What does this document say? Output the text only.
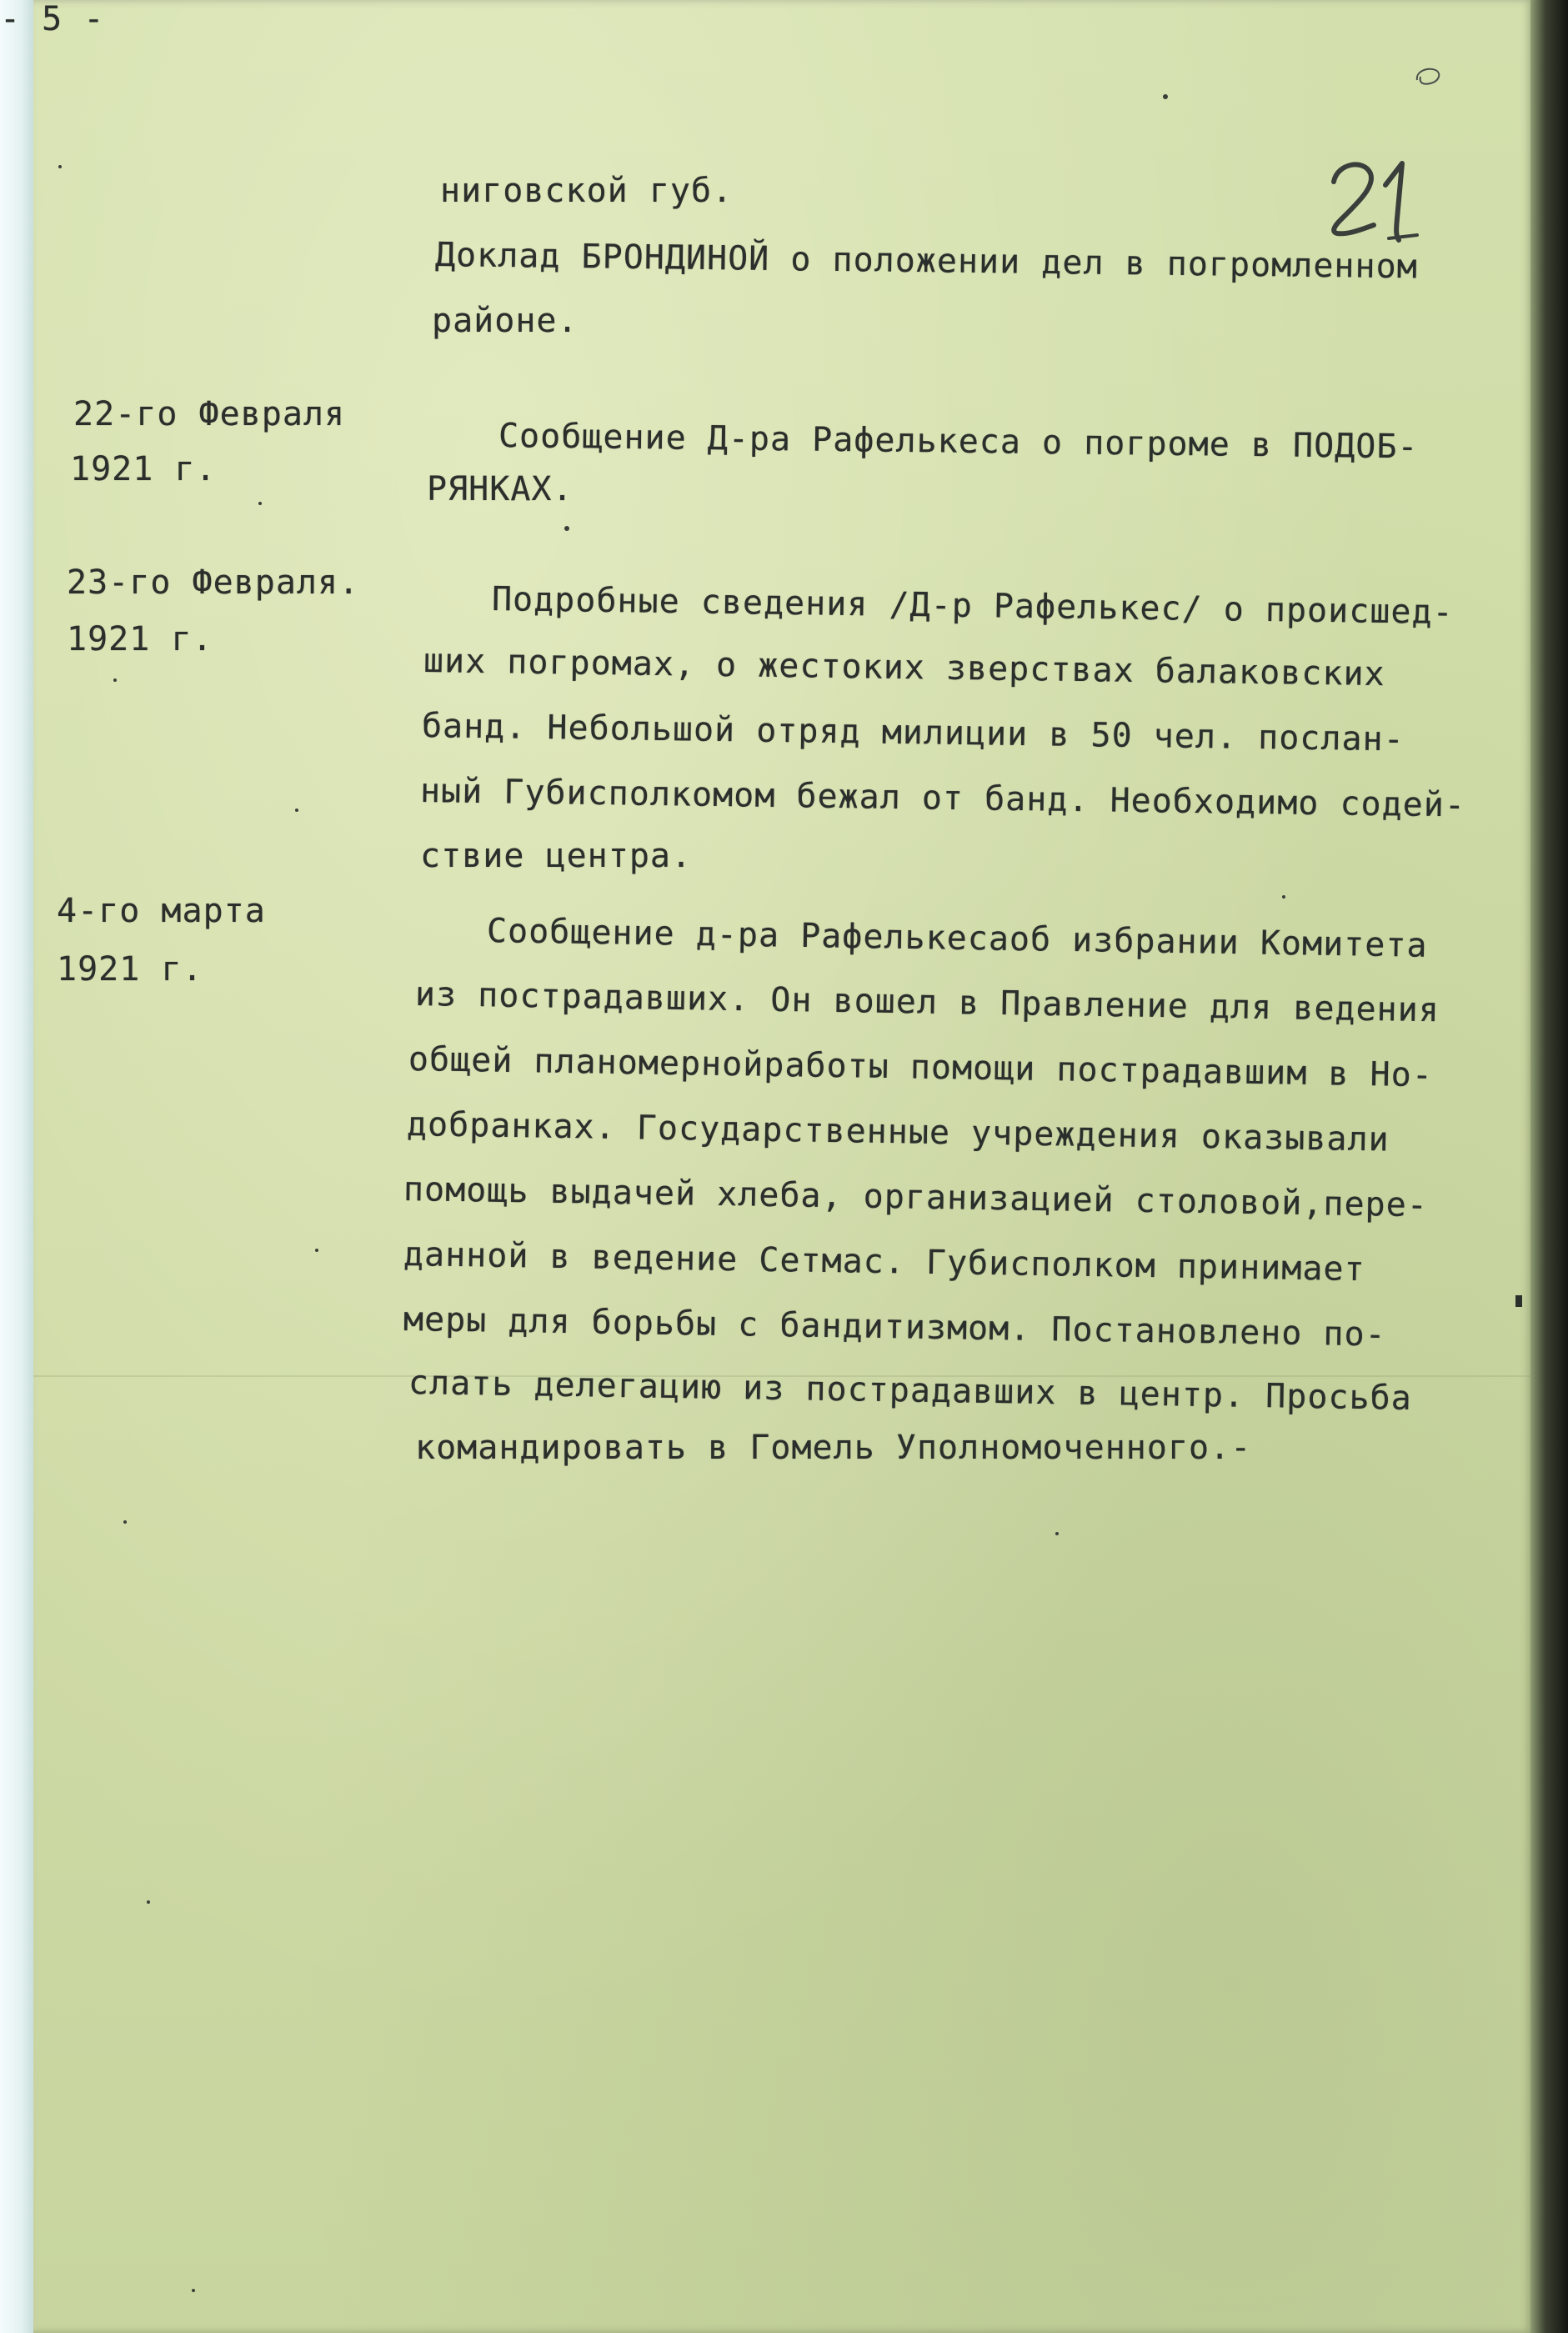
- 5 -
ниговской губ.
Доклад БРОНДИНОЙ о положении дел в погромленном
районе.
22-го Февраля
1921 г.
Сообщение Д-ра Рафелькеса о погроме в ПОДОБ-
РЯНКАХ.
23-го Февраля.
1921 г.
Подробные сведения /Д-р Рафелькес/ о происшед-
ших погромах, о жестоких зверствах балаковских
банд. Небольшой отряд милиции в 50 чел. послан-
ный Губисполкомом бежал от банд. Необходимо содей-
ствие центра.
4-го марта
1921 г.
Сообщение д-ра Рафелькесаоб избрании Комитета
из пострадавших. Он вошел в Правление для ведения
общей планомернойработы помощи пострадавшим в Но-
добранках. Государственные учреждения оказывали
помощь выдачей хлеба, организацией столовой,пере-
данной в ведение Сетмас. Губисполком принимает
меры для борьбы с бандитизмом. Постановлено по-
слать делегацию из пострадавших в центр. Просьба
командировать в Гомель Уполномоченного.-
